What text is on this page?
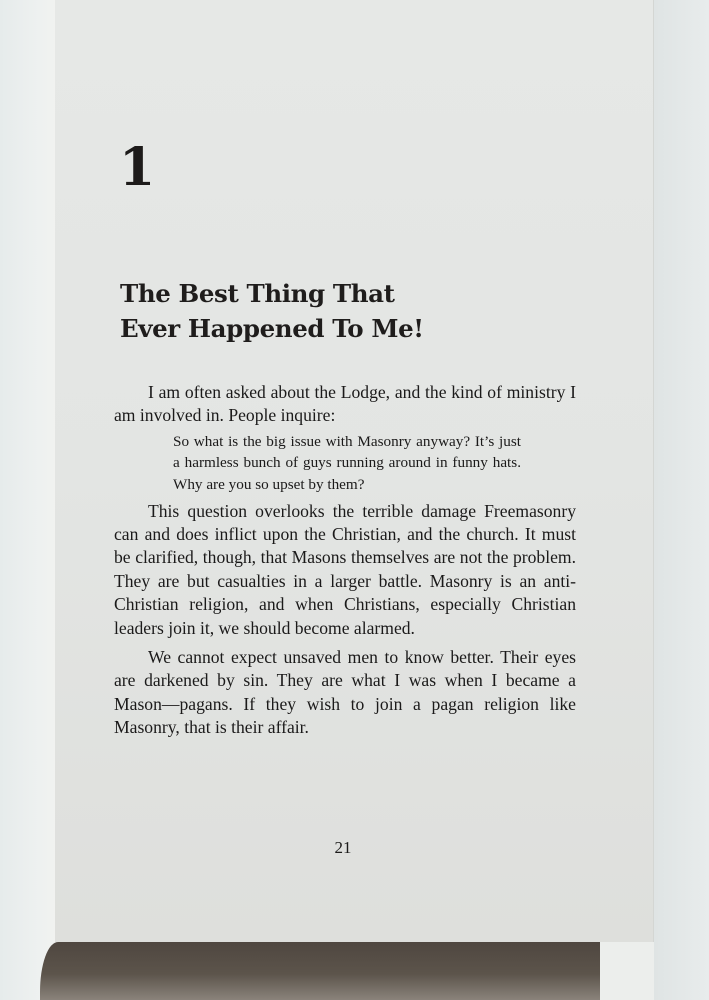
1
The Best Thing That
Ever Happened To Me!

I am often asked about the Lodge, and the kind of ministry I am involved in. People inquire:

So what is the big issue with Masonry anyway? It’s just a harmless bunch of guys running around in funny hats. Why are you so upset by them?

This question overlooks the terrible damage Freemasonry can and does inflict upon the Christian, and the church. It must be clarified, though, that Masons themselves are not the problem. They are but casualties in a larger battle. Masonry is an anti-Christian religion, and when Christians, especially Christian leaders join it, we should become alarmed.

We cannot expect unsaved men to know better. Their eyes are darkened by sin. They are what I was when I became a Mason—pagans. If they wish to join a pagan religion like Masonry, that is their affair.

21
